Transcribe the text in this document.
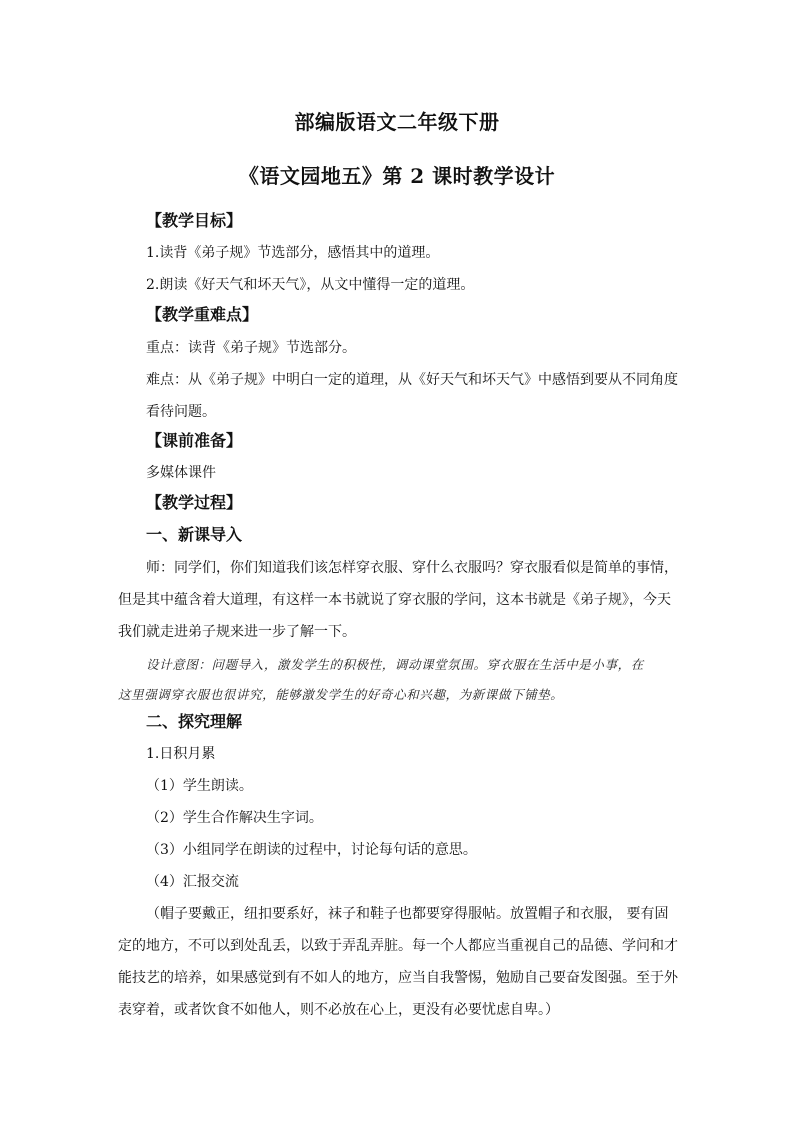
部编版语文二年级下册
《语文园地五》第 2 课时教学设计
【教学目标】
1.读背《弟子规》节选部分，感悟其中的道理。
2.朗读《好天气和坏天气》，从文中懂得一定的道理。
【教学重难点】
重点：读背《弟子规》节选部分。
难点：从《弟子规》中明白一定的道理，从《好天气和坏天气》中感悟到要从不同角度
看待问题。
【课前准备】
多媒体课件
【教学过程】
一、新课导入
师：同学们，你们知道我们该怎样穿衣服、穿什么衣服吗？穿衣服看似是简单的事情，
但是其中蕴含着大道理，有这样一本书就说了穿衣服的学问，这本书就是《弟子规》，今天
我们就走进弟子规来进一步了解一下。
设计意图：问题导入，激发学生的积极性，调动课堂氛围。穿衣服在生活中是小事，在
这里强调穿衣服也很讲究，能够激发学生的好奇心和兴趣，为新课做下铺垫。
二、探究理解
1.日积月累
（1）学生朗读。
（2）学生合作解决生字词。
（3）小组同学在朗读的过程中，讨论每句话的意思。
（4）汇报交流
（帽子要戴正，纽扣要系好，袜子和鞋子也都要穿得服帖。放置帽子和衣服， 要有固
定的地方，不可以到处乱丢，以致于弄乱弄脏。每一个人都应当重视自己的品德、学问和才
能技艺的培养，如果感觉到有不如人的地方，应当自我警惕，勉励自己要奋发图强。至于外
表穿着，或者饮食不如他人，则不必放在心上，更没有必要忧虑自卑。）
